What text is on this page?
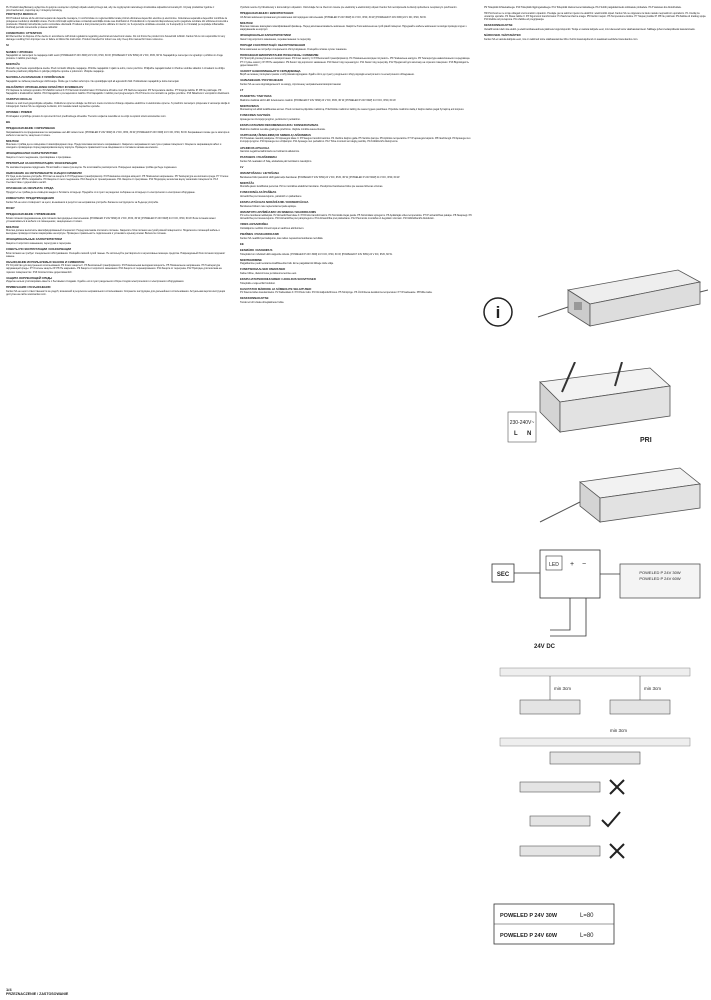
PL Produkt klasyfikowany wyłącznie do jedynie usunięcia i utylizacji odpadu elektrycznego tak, aby nie wypłynął do naturalnego środowiska odpadów komunalnych. Używaj produktów zgodnie z przeznaczeniem, zapoznaj się z niniejszą instrukcją.
PROTECŢIA MEDIULUI
RO Produsul trebuie să fie eliminat separat de deşeurile menajere, în conformitate cu reglementările locale privind eliminarea deşeurilor electrice şi electronice. Colectarea separată a deşeurilor contribuie la protejarea mediului și sănătății umane. Pentru informații suplimentare contactați autoritățile locale sau distribuitorul. Producătorul nu își asumă răspunderea pentru pagubele rezultate din utilizarea incorectă a produsului. Păstrați instrucțiunile pentru consultare ulterioară. Produsul a fost proiectat pentru utilizare în interior; nu îl expuneți la umiditate excesivă, nu îl acoperiți și nu îl instalați pe suprafețe inflamabile. Verificați periodic conexiunile și starea cablurilor.
COMENTARII / ATTENTION
EN Remember to dispose of the device in accordance with local regulations regarding electrical and electronic waste. Do not throw the product into household rubbish. Kanlux SA is not responsible for any damage resulting from improper use or failure to follow this instruction. Product intended for indoor use only. Keep this manual for future reference.
SI
NAMEN / UPORABA
Napajalniki so namenjeni za napajanje LED svetil. [POWELED P 24V 30W] 24 V DC, IP20, 30 W; [POWELED P 24V 60W] 24 V DC, IP20, 60 W. Napajalnik je namenjen za vgradnjo v pohištvo in druge prostore z zaščito pred vlago.
MONTAŽA
Montažo naj izvede usposobljena oseba. Pred montažo izklopite napajanje. Pritrdite napajalnik z vijaki na suho, ravno površino. Priključite napajalni kabel in izhodne vodnike skladno z oznakami na ohišju. Preverite pravilnost priključitve in pokrijte priključne sponke s pokrovom. Vklopite napajanje.
NAVODILA ZA RAVNANJE Z VZDRŽEVANJE
Napajalnik ne zahteva posebnega vzdrževanja. Čistite ga z mehko suho krpo. Ne uporabljajte topil ali agresivnih čistil. Poškodovan napajalnik je treba zamenjati.
OBJAŠNITEV UPORABLJENIH OZNAČITEV IN SIMBOLOV
P1 Naprava za notranjo uporabo. P2 Zaščitni razred II. P3 Varnostni transformator. P4 Nazivna izhodna moč. P5 Nazivna napetost. P6 Temperatura okolice. P7 Stopnja zaščite IP. P8 Ne pokrivajte. P9 Napajalnik s kratkostično zaščito. P10 Napajalnik s prenapetostno zaščito. P11 Napajalnik z zaščito pred pregrevanjem. P12 Primerno za montažo na gorljive površine. P13 Skladnost z evropskimi direktivami.
VARSTVO OKOLJA
Izdelek ne sodi med gospodinjske odpadke. Odsluženo opremo oddajte na zbirnem mestu za ločeno zbiranje odpadne električne in elektronske opreme. S pravilnim ravnanjem prispevate k varovanju okolja in zdravja ljudi. Kanlux SA ne odgovarja za škodo, ki bi nastala zaradi nepravilne uporabe.
OPOMBE / PRIMER
Proizvajalec si pridržuje pravico do sprememb brez predhodnega obvestila. Trenutno veljavna navodila so na voljo na spletni strani www.kanlux.com.
BG
ПРЕДНАЗНАЧЕНИЕ / ИЗПОЛЗВАНЕ
Захранванията са предназначени за захранване на LED осветители. [POWELED P 24V 30W] 24 V DC, IP20, 30 W; [POWELED P 24V 60W] 24 V DC, IP20, 60 W. Захранването може да се монтира в мебели и на места, защитени от влага.
МОНТАЖ
Монтажът трябва да се извършва от квалифицирано лице. Преди монтажа изключете захранването. Закрепете захранването към суха и равна повърхност. Свържете захранващия кабел и изходните проводници според маркировката върху корпуса. Проверете правилността на свързването и поставете капака на клемите.
ФУНКЦИОНАЛНИ ХАРАКТЕРИСТИКИ
Защита от късо съединение, претоварване и прегряване.
ПРЕПОРЪКИ ЗА ЕКСПЛОАТАЦИЯ / КОНСЕРВАЦИЯ
Не изисква специална поддръжка. Почиствайте с мека суха кърпа. Не използвайте разтворители. Повредено захранване трябва да бъде подменено.
ОБЯСНЕНИЕ НА ИЗПОЛЗВАНИТЕ ЗНАЦИ И СИМВОЛИ
P1 Уред за вътрешна употреба. P2 Клас на защита II. P3 Предпазен трансформатор. P4 Номинална изходна мощност. P5 Номинално напрежение. P6 Температура на околната среда. P7 Степен на защита IP. P8 Не покривайте. P9 Защита от късо съединение. P10 Защита от пренапрежение. P11 Защита от прегряване. P12 Подходящ за монтаж върху запалими повърхности. P13 Съответствие с директивите на ЕС.
ОПАЗВАНЕ НА ОКОЛНАТА СРЕДА
Продуктът не трябва да се изхвърля заедно с битовите отпадъци. Предайте го в пункт за разделно събиране на отпадъци от електрическо и електронно оборудване.
КОМЕНТАРИ / ПРЕДУПРЕЖДЕНИЯ
Kanlux SA не носи отговорност за щети, възникнали в резултат на неправилна употреба. Запазете инструкциите за бъдеща употреба.
RU/BY
ПРЕДНАЗНАЧЕНИЕ / ПРИМЕНЕНИЕ
Блоки питания предназначены для питания светодиодных светильников. [POWELED P 24V 30W] 24 V DC, IP20, 30 W; [POWELED P 24V 60W] 24 V DC, IP20, 60 W. Блок питания может устанавливаться в мебели и в помещениях, защищённых от влаги.
МОНТАЖ
Монтаж должен выполнять квалифицированный специалист. Перед монтажом отключите питание. Закрепите блок питания на сухой ровной поверхности. Подключите питающий кабель и выходные провода согласно маркировке на корпусе. Проверьте правильность подключения и установите крышку клемм. Включите питание.
ФУНКЦИОНАЛЬНЫЕ ХАРАКТЕРИСТИКИ
Защита от короткого замыкания, перегрузки и перегрева.
СОВЕТЫ ПО ЭКСПЛУАТАЦИИ / КОНСЕРВАЦИИ
Блок питания не требует специального обслуживания. Очищайте мягкой сухой тканью. Не используйте растворители и агрессивные моющие средства. Повреждённый блок питания подлежит замене.
ОБЪЯСНЕНИЕ ИСПОЛЬЗУЕМЫХ ЗНАКОВ И СИМВОЛОВ
P1 Устройство для внутреннего использования. P2 Класс защиты II. P3 Безопасный трансформатор. P4 Номинальная выходная мощность. P5 Номинальное напряжение. P6 Температура окружающей среды. P7 Степень защиты IP. P8 Не накрывать. P9 Защита от короткого замыкания. P10 Защита от перенапряжения. P11 Защита от перегрева. P12 Пригоден для монтажа на горючих поверхностях. P13 Соответствие директивам ЕС.
ЗАЩИТА ОКРУЖАЮЩЕЙ СРЕДЫ
Изделие нельзя утилизировать вместе с бытовыми отходами. Сдайте его в пункт раздельного сбора отходов электрического и электронного оборудования.
ПРИМЕЧАНИЯ / РАЗЪЯСНЕНИЯ
Kanlux SA не несёт ответственности за ущерб, возникший в результате неправильного использования. Сохраните инструкцию для дальнейшего использования. Актуальная версия инструкции доступна на сайте www.kanlux.com.
Výrobok nesmie byť likvidovaný s komunálnym odpadom. Odovzdajte ho na zbernom mieste pre elektrický a elektronický odpad. Kanlux SA nezodpovedá za škody spôsobené nesprávnym používaním.
ПРЕДНАЗНАЧЕННЯ / ВИКОРИСТАННЯ
UA Блоки живлення призначені для живлення світлодіодних світильників. [POWELED P 24V 30W] 24 V DC, IP20, 30 W; [POWELED P 24V 60W] 24 V DC, IP20, 60 W.
МОНТАЖ
Монтаж повинен виконувати кваліфікований фахівець. Перед монтажем вимкніть живлення. Закріпіть блок живлення на сухій рівній поверхні. Під'єднайте кабель живлення та вихідні проводи згідно з маркуванням на корпусі.
ФУНКЦІОНАЛЬНІ ХАРАКТЕРИСТИКИ
Захист від короткого замикання, перевантаження та перегріву.
ПОРАДИ З ЕКСПЛУАТАЦІЇ / ОБСЛУГОВУВАННЯ
Блок живлення не потребує спеціального обслуговування. Очищайте м'якою сухою тканиною.
ПОЯСНЕННЯ ВИКОРИСТАНИХ ПОЗНАЧЕНЬ І СИМВОЛІВ
P1 Пристрій для внутрішнього використання. P2 Клас захисту II. P3 Безпечний трансформатор. P4 Номінальна вихідна потужність. P5 Номінальна напруга. P6 Температура навколишнього середовища. P7 Ступінь захисту IP. P8 Не накривати. P9 Захист від короткого замикання. P10 Захист від перенапруги. P11 Захист від перегріву. P12 Придатний для монтажу на горючих поверхнях. P13 Відповідність директивам ЄС.
ЗАХИСТ НАВКОЛИШНЬОГО СЕРЕДОВИЩА
Виріб не можна утилізувати разом з побутовими відходами. Здайте його до пункту роздільного збору відходів електричного та електронного обладнання.
ЗАУВАЖЕННЯ / РОЗ'ЯСНЕННЯ
Kanlux SA не несе відповідальності за шкоду, спричинену неправильним використанням.
LT
PASKIRTIS / TAIKYMAS
Maitinimo šaltiniai skirti LED šviestuvams maitinti. [POWELED P 24V 30W] 24 V DC, IP20, 30 W; [POWELED P 24V 60W] 24 V DC, IP20, 60 W.
MONTAVIMAS
Montavimą turi atlikti kvalifikuotas asmuo. Prieš montavimą išjunkite maitinimą. Pritvirtinkite maitinimo šaltinį prie sauso lygaus paviršiaus. Prijunkite maitinimo laidą ir išėjimo laidus pagal žymėjimą ant korpuso.
FUNKCINIAI SAVYBĖS
Apsauga nuo trumpojo jungimo, perkrovos ir perkaitimo.
EKSPLOATAVIMO REKOMENDACIJOS / KONSERVAVIMAS
Maitinimo šaltiniui nereikia ypatingos priežiūros. Valykite minkšta sausa šluoste.
VARTOJAMŲ ŽENKLINIMŲ IR SIMBOLIŲ AIŠKINIMAS
P1 Prietaisas naudoti patalpose. P2 Apsaugos klasė II. P3 Saugus transformatorius. P4 Vardinė išėjimo galia. P5 Vardinė įtampa. P6 Aplinkos temperatūra. P7 IP apsaugos laipsnis. P8 Neuždengti. P9 Apsauga nuo trumpojo jungimo. P10 Apsauga nuo viršįtampio. P11 Apsauga nuo perkaitimo. P12 Tinka montuoti ant degių paviršių. P13 Atitiktis ES direktyvoms.
APLINKOS APSAUGA
Gaminio negalima šalinti kartu su buitinėmis atliekomis.
PASTABOS / PAAIŠKINIMAI
Kanlux SA neatsako už žalą, atsiradusią dėl netinkamo naudojimo.
LV
IZMANTOŠANA / LIETOŠANA
Barošanas bloki paredzēti LED gaismekļu barošanai. [POWELED P 24V 30W] 24 V DC, IP20, 30 W; [POWELED P 24V 60W] 24 V DC, IP20, 60 W.
MONTĀŽA
Montāža jāveic kvalificētai personai. Pirms montāžas atslēdziet barošanu. Piestipriniet barošanas bloku pie sausas līdzenas virsmas.
FUNKCIONĀLAS ĪPAŠĪBAS
Aizsardzība pret īssavienojumu, pārslodzi un pārkaršanu.
EKSPLUATĀCIJAS NORĀDĪJUMI / KONSERVĀCIJA
Barošanas blokam nav nepieciešama īpaša apkope.
IZMANTOTO APZĪMĒJUMU UN SIMBOLU SKAIDROJUMS
P1 Ierīce lietošanai iekštelpās. P2 Aizsardzības klase II. P3 Drošs transformators. P4 Nominālā izejas jauda. P5 Nominālais spriegums. P6 Apkārtējās vides temperatūra. P7 IP aizsardzības pakāpe. P8 Neapsegt. P9 Aizsardzība pret īssavienojumu. P10 Aizsardzība pret pārspriegumu. P11 Aizsardzība pret pārkaršanu. P12 Piemērots montāžai uz degošām virsmām. P13 Atbilstība ES direktīvām.
VIDES AIZSARDZĪBA
Izstrādājumu nedrīkst izmest kopā ar sadzīves atkritumiem.
PIEZĪMES / PASKAIDROJUMI
Kanlux SA neatbild par kaitējumu, kas radies nepareizas lietošanas rezultātā.
EE
EESMÄRK / RAKENDUS
Toiteplokid on mõeldud LED-valgustite toiteks. [POWELED P 24V 30W] 24 V DC, IP20, 30 W; [POWELED P 24V 60W] 24 V DC, IP20, 60 W.
MONTEERIMINE
Paigaldamise peab teostama kvalifitseeritud isik. Enne paigaldamist lülitage toide välja.
FUNKTSIONAALSED OMADUSED
Kaitse lühise, ülekoormuse ja ülekuumenemise eest.
EKSPLUATATSIOONIJUHISED / HOOLDUS SOOVITUSED
Toiteplokk ei vaja erilist hooldust.
KASUTATUD MÄRKIDE JA SÜMBOLITE SELGITUSED
P1 Siseruumides kasutamiseks. P2 Kaitseklass II. P3 Ohutu trafo. P4 Nimiväljundvõimsus. P5 Nimipinge. P6 Ümbritseva keskkonna temperatuur. P7 IP-kaitseaste. P8 Mitte katta.
KESKKONNAKAITSE
Toodet ei tohi visata olmejäätmete hulka.
P9 Toiteplokk lühisekaitsega. P10 Toiteplokk liigpingekaitsega. P11 Toiteplokk ülekuumenemiskaitsega. P12 Sobib paigaldamiseks süttivatele pindadele. P13 Vastavus EL direktiividele.
HR Proizvod se ne smije odlagati s komunalnim otpadom. Predajte ga na sabirno mjesto za električni i elektronički otpad. Kanlux SA ne odgovara za štetu nastalu nepravilnom uporabom. P1 Uređaj za unutarnju uporabu. P2 Klasa zaštite II. P3 Sigurnosni transformator. P4 Nazivna izlazna snaga. P5 Nazivni napon. P6 Temperatura okoline. P7 Stupanj zaštite IP. P8 Ne pokrivati. P9 Zaštita od kratkog spoja. P10 Zaštita od prenapona. P11 Zaštita od pregrijavanja.
KESKKONNAKAITSE
Vanaõli toode tuleb viia elektri- ja elektroonikaseadmete jäätmete kogumispunkti. Tootja ei vastuta kahjude eest, mis tulenevad toote väärkasutamisest. Säilitage juhend edaspidiseks kasutamiseks.
NÄRKUSED / NÄPUNÄITED
Kanlux SA ei vastuta kahjude eest, mis on tekkinud toote väärkasutamise tõttu. Kehtiv kasutusjuhend on saadaval veebilehel www.kanlux.com.
i
230-240V~
L N
PRI
SEC
LED + −
POWELED P 24V 30W
POWELED P 24V 60W
24V DC
min 3cm	min 3cm
min 3cm
POWELED P 24V 30W	L=80
POWELED P 24V 60W	L=80
1/4
PRZEZNACZENIE / ZASTOSOWANIE
